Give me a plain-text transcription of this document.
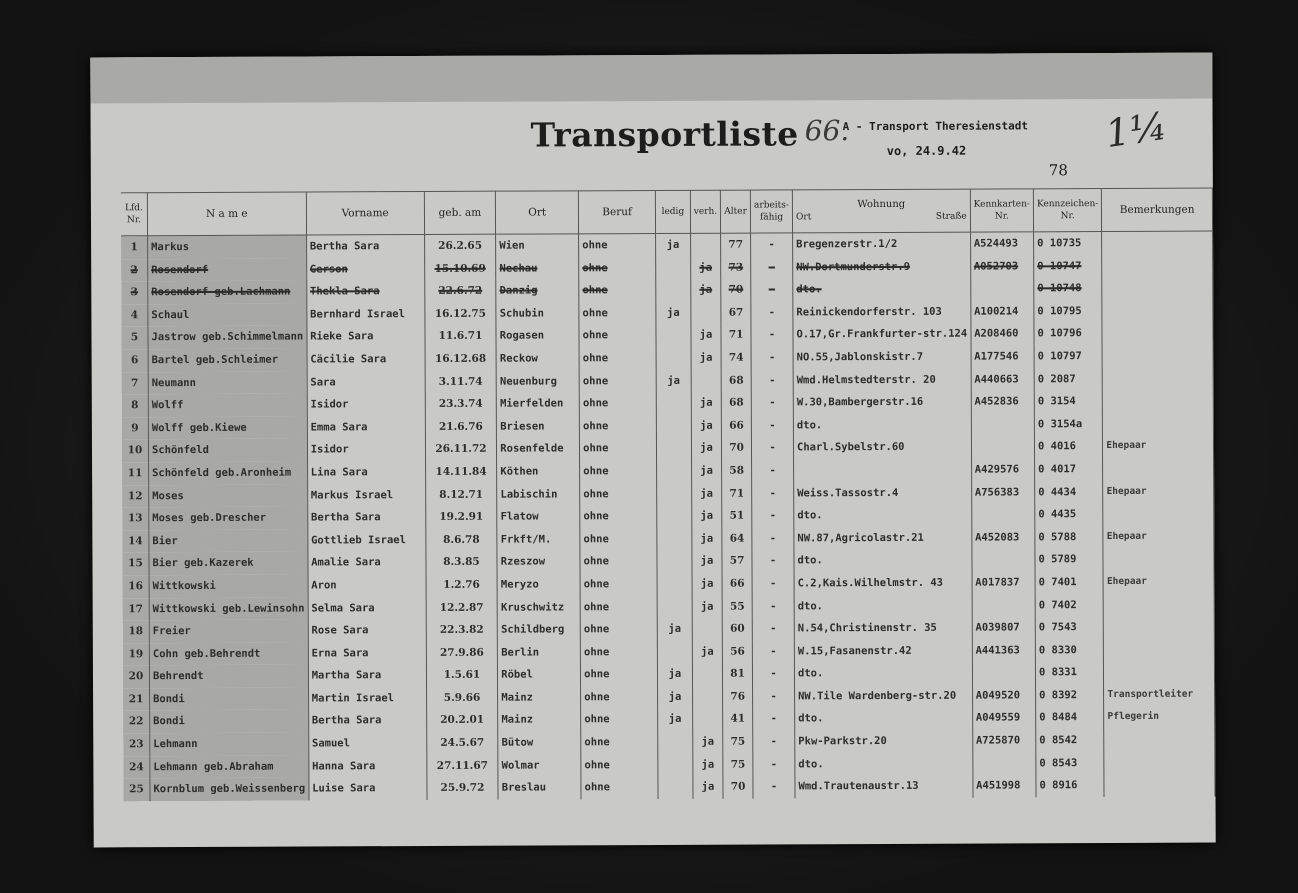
Transportliste 66.
A - Transport Theresienstadt
vo, 24.9.42
78
1¼
Lfd. Nr.	N a m e	Vorname	geb. am	Ort	Beruf	ledig	verh.	Alter	arbeits-fähig	Wohnung
Ort Straße	Kennkarten-Nr.	Kennzeichen-Nr.	Bemerkungen
1	Markus	Bertha Sara	26.2.65	Wien	ohne	ja		77	-	Bregenzerstr.1/2	A524493	0 10735	
2	Rosendorf	Gerson	15.10.69	Nechau	ohne		ja	73	-	NW.Dortmunderstr.9	A052703	0 10747	
3	Rosendorf geb.Lachmann	Thekla Sara	22.6.72	Danzig	ohne		ja	70	-	dto.		0 10748	
4	Schaul	Bernhard Israel	16.12.75	Schubin	ohne	ja		67	-	Reinickendorferstr. 103	A100214	0 10795	
5	Jastrow geb.Schimmelmann	Rieke Sara	11.6.71	Rogasen	ohne		ja	71	-	O.17,Gr.Frankfurter-str.124	A208460	0 10796	
6	Bartel geb.Schleimer	Cäcilie Sara	16.12.68	Reckow	ohne		ja	74	-	NO.55,Jablonskistr.7	A177546	0 10797	
7	Neumann	Sara	3.11.74	Neuenburg	ohne	ja		68	-	Wmd.Helmstedterstr. 20	A440663	0 2087	
8	Wolff	Isidor	23.3.74	Mierfelden	ohne		ja	68	-	W.30,Bambergerstr.16	A452836	0 3154	
9	Wolff geb.Kiewe	Emma Sara	21.6.76	Briesen	ohne		ja	66	-	dto.		0 3154a	
10	Schönfeld	Isidor	26.11.72	Rosenfelde	ohne		ja	70	-	Charl.Sybelstr.60		0 4016	Ehepaar
11	Schönfeld geb.Aronheim	Lina Sara	14.11.84	Köthen	ohne		ja	58	-		A429576	0 4017	
12	Moses	Markus Israel	8.12.71	Labischin	ohne		ja	71	-	Weiss.Tassostr.4	A756383	0 4434	Ehepaar
13	Moses geb.Drescher	Bertha Sara	19.2.91	Flatow	ohne		ja	51	-	dto.		0 4435	
14	Bier	Gottlieb Israel	8.6.78	Frkft/M.	ohne		ja	64	-	NW.87,Agricolastr.21	A452083	0 5788	Ehepaar
15	Bier geb.Kazerek	Amalie Sara	8.3.85	Rzeszow	ohne		ja	57	-	dto.		0 5789	
16	Wittkowski	Aron	1.2.76	Meryzo	ohne		ja	66	-	C.2,Kais.Wilhelmstr. 43	A017837	0 7401	Ehepaar
17	Wittkowski geb.Lewinsohn	Selma Sara	12.2.87	Kruschwitz	ohne		ja	55	-	dto.		0 7402	
18	Freier	Rose Sara	22.3.82	Schildberg	ohne	ja		60	-	N.54,Christinenstr. 35	A039807	0 7543	
19	Cohn geb.Behrendt	Erna Sara	27.9.86	Berlin	ohne		ja	56	-	W.15,Fasanenstr.42	A441363	0 8330	
20	Behrendt	Martha Sara	1.5.61	Röbel	ohne	ja		81	-	dto.		0 8331	
21	Bondi	Martin Israel	5.9.66	Mainz	ohne	ja		76	-	NW.Tile Wardenberg-str.20	A049520	0 8392	Transportleiter
22	Bondi	Bertha Sara	20.2.01	Mainz	ohne	ja		41	-	dto.	A049559	0 8484	Pflegerin
23	Lehmann	Samuel	24.5.67	Bütow	ohne		ja	75	-	Pkw-Parkstr.20	A725870	0 8542	
24	Lehmann geb.Abraham	Hanna Sara	27.11.67	Wolmar	ohne		ja	75	-	dto.		0 8543	
25	Kornblum geb.Weissenberg	Luise Sara	25.9.72	Breslau	ohne		ja	70	-	Wmd.Trautenaustr.13	A451998	0 8916	
